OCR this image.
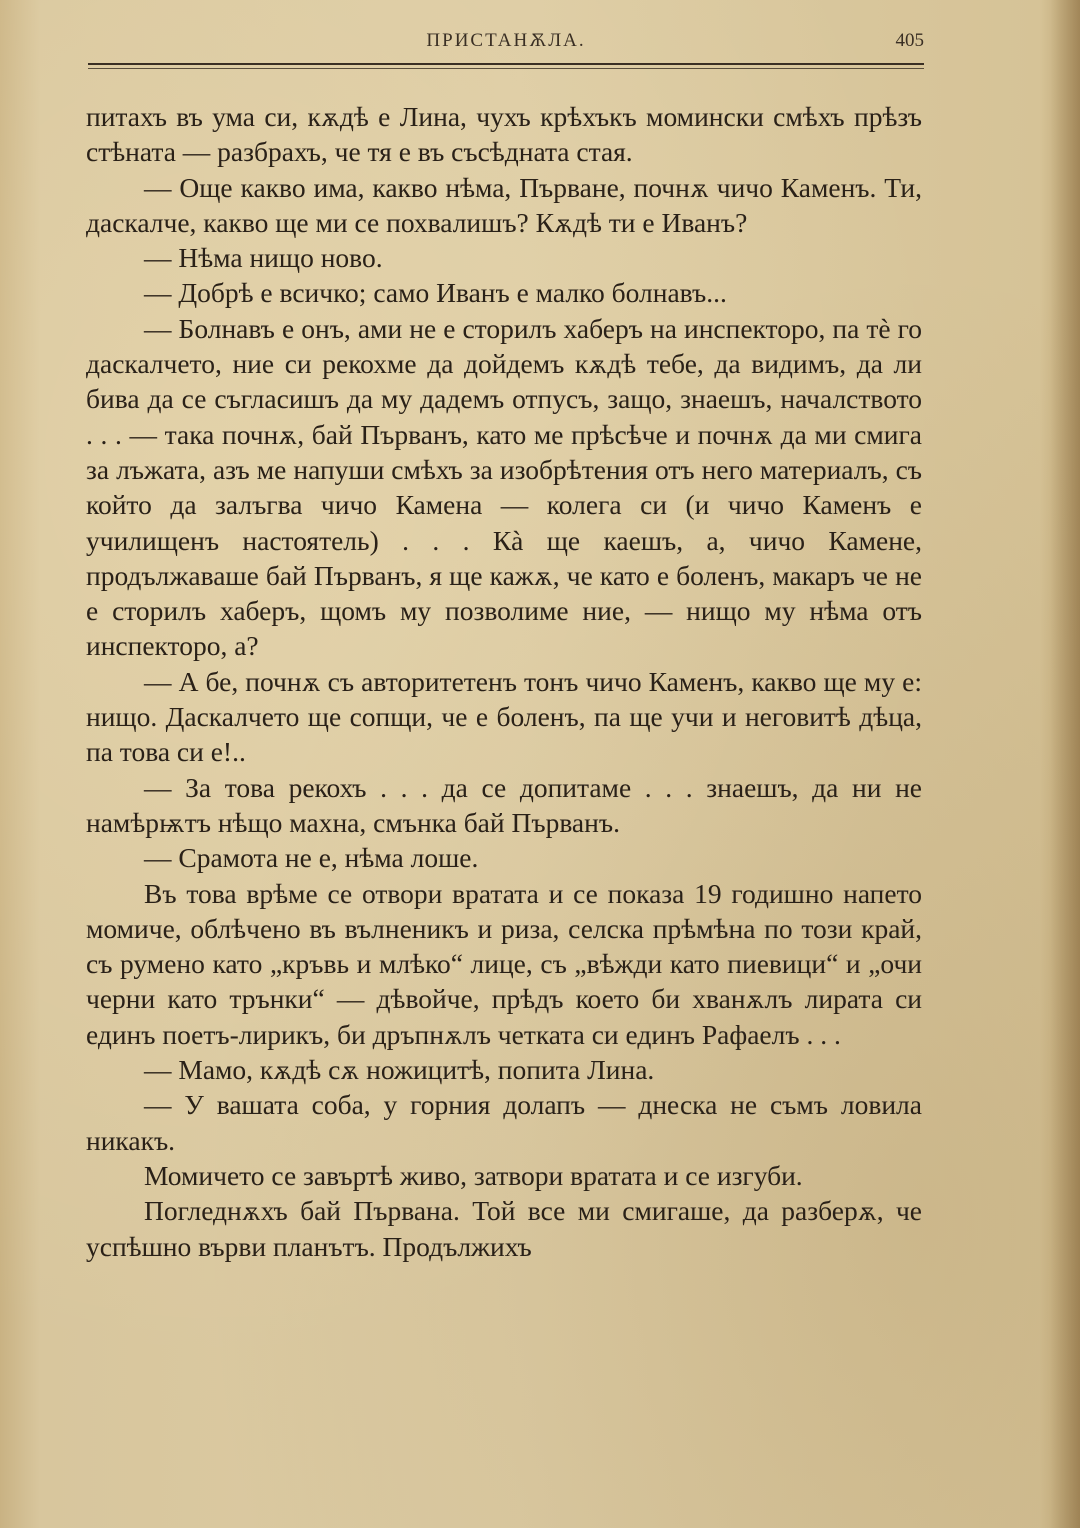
ПРИСТАНѪЛА.	405

питахъ въ ума си, кѫдѣ е Лина, чухъ крѣхъкъ момински смѣхъ прѣзъ стѣната — разбрахъ, че тя е въ съсѣдната стая.

— Още какво има, какво нѣма, Първане, почнѫ чичо Каменъ. Ти, даскалче, какво ще ми се похвалишъ? Кѫдѣ ти е Иванъ?

— Нѣма нищо ново.

— Добрѣ е всичко; само Иванъ е малко болнавъ...

— Болнавъ е онъ, ами не е сторилъ хаберъ на инспекторо, па тѐ го даскалчето, ние си рекохме да дойдемъ кѫдѣ тебе, да видимъ, да ли бива да се съгласишъ да му дадемъ отпусъ, защо, знаешъ, началството . . . — така почнѫ, бай Първанъ, като ме прѣсѣче и почнѫ да ми смига за лъжата, азъ ме напуши смѣхъ за изобрѣтения отъ него материалъ, съ който да залъгва чичо Камена — колега си (и чичо Каменъ е училищенъ настоятель) . . . Кà ще каешъ, а, чичо Камене, продължаваше бай Първанъ, я ще кажѫ, че като е боленъ, макаръ че не е сторилъ хаберъ, щомъ му позволиме ние, — нищо му нѣма отъ инспекторо, а?

— А бе, почнѫ съ авторитетенъ тонъ чичо Каменъ, какво ще му е: нищо. Даскалчето ще сопщи, че е боленъ, па ще учи и неговитѣ дѣца, па това си е!..

— За това рекохъ . . . да се допитаме . . . знаешъ, да ни не намѣрѭтъ нѣщо махна, смънка бай Първанъ.

— Срамота не е, нѣма лоше.

Въ това врѣме се отвори вратата и се показа 19 годишно напето момиче, облѣчено въ вълненикъ и риза, селска прѣмѣна по този край, съ румено като „кръвь и млѣко“ лице, съ „вѣжди като пиевици“ и „очи черни като трънки“ — дѣвойче, прѣдъ което би хванѫлъ лирата си единъ поетъ-лирикъ, би дръпнѫлъ четката си единъ Рафаелъ . . .

— Мамо, кѫдѣ сѫ ножицитѣ, попита Лина.

— У вашата соба, у горния долапъ — днеска не съмъ ловила никакъ.

Момичето се завъртѣ живо, затвори вратата и се изгуби.

Погледнѫхъ бай Първана. Той все ми смигаше, да разберѫ, че успѣшно върви планътъ. Продължихъ
